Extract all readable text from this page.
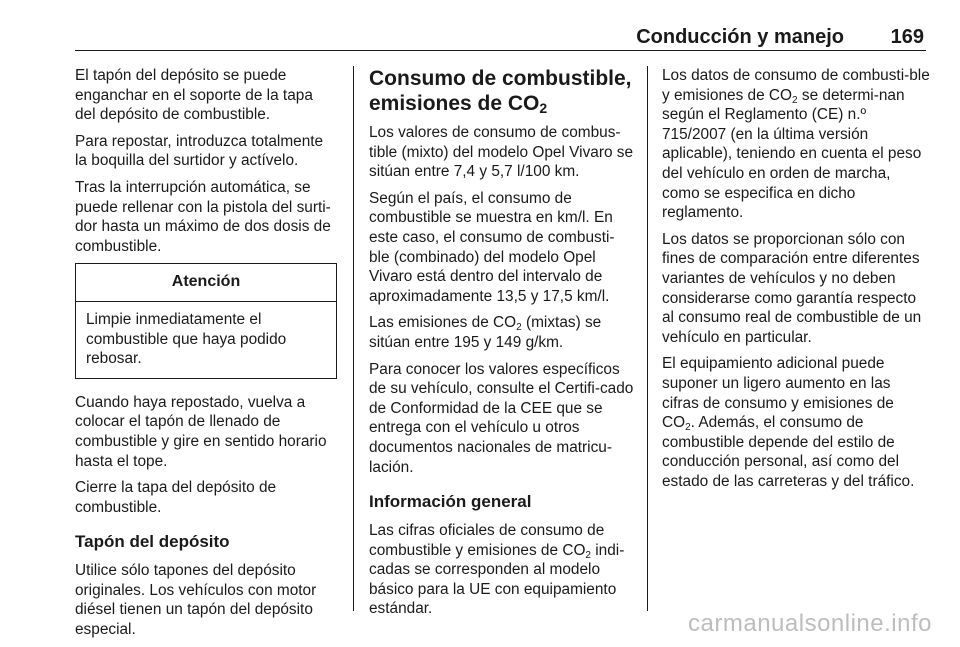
Conducción y manejo 169

El tapón del depósito se puede enganchar en el soporte de la tapa del depósito de combustible.

Para repostar, introduzca totalmente la boquilla del surtidor y actívelo.

Tras la interrupción automática, se puede rellenar con la pistola del surti-dor hasta un máximo de dos dosis de combustible.

Atención
Limpie inmediatamente el combustible que haya podido rebosar.

Cuando haya repostado, vuelva a colocar el tapón de llenado de combustible y gire en sentido horario hasta el tope.

Cierre la tapa del depósito de combustible.

Tapón del depósito

Utilice sólo tapones del depósito originales. Los vehículos con motor diésel tienen un tapón del depósito especial.

Consumo de combustible, emisiones de $CO_2$

Los valores de consumo de combus-tible (mixto) del modelo Opel Vivaro se sitúan entre 7,4 y 5,7 l/100 km.

Según el país, el consumo de combustible se muestra en km/l. En este caso, el consumo de combusti-ble (combinado) del modelo Opel Vivaro está dentro del intervalo de aproximadamente 13,5 y 17,5 km/l.

Las emisiones de $CO_2$ (mixtas) se sitúan entre 195 y 149 g/km.

Para conocer los valores específicos de su vehículo, consulte el Certifi-cado de Conformidad de la CEE que se entrega con el vehículo u otros documentos nacionales de matricu-lación.

Información general

Las cifras oficiales de consumo de combustible y emisiones de $CO_2$ indi-cadas se corresponden al modelo básico para la UE con equipamiento estándar.

Los datos de consumo de combusti-ble y emisiones de $CO_2$ se determi-nan según el Reglamento (CE) n.º 715/2007 (en la última versión aplicable), teniendo en cuenta el peso del vehículo en orden de marcha, como se especifica en dicho reglamento.

Los datos se proporcionan sólo con fines de comparación entre diferentes variantes de vehículos y no deben considerarse como garantía respecto al consumo real de combustible de un vehículo en particular.

El equipamiento adicional puede suponer un ligero aumento en las cifras de consumo y emisiones de $CO_2$. Además, el consumo de combustible depende del estilo de conducción personal, así como del estado de las carreteras y del tráfico.

carmanualsonline.info
